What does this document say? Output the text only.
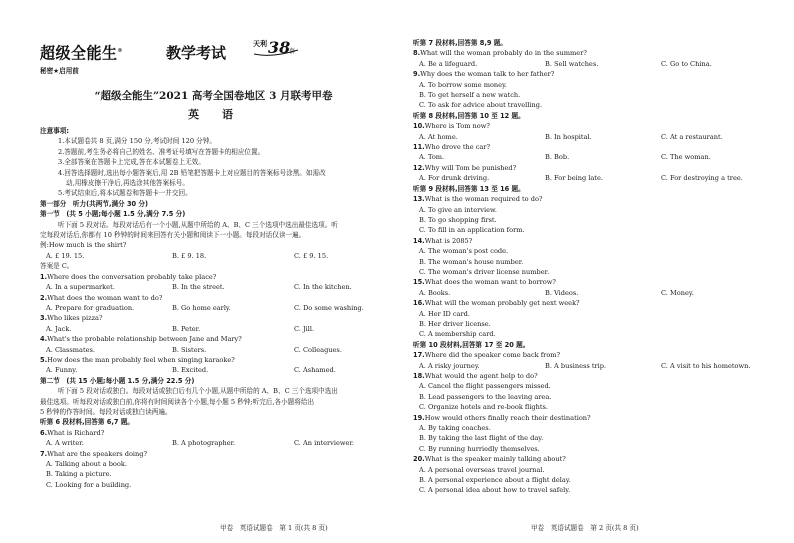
超级全能生®	教学考试	天利 38
套
秘密★启用前
“超级全能生”2021 高考全国卷地区 3 月联考甲卷
英　语
注意事项:
1.本试题卷共 8 页,满分 150 分,考试时间 120 分钟。
2.答题前,考生务必将自己的姓名、准考证号填写在答题卡的相应位置。
3.全部答案在答题卡上完成,答在本试题卷上无效。
4.回答选择题时,选出每小题答案后,用 2B 铅笔把答题卡上对应题目的答案标号涂黑。如需改
动,用橡皮擦干净后,再选涂其他答案标号。
5.考试结束后,将本试题卷和答题卡一并交回。
第一部分　听力(共两节,满分 30 分)
第一节　(共 5 小题;每小题 1.5 分,满分 7.5 分)
听下面 5 段对话。每段对话后有一个小题,从题中所给的 A、B、C 三个选项中选出最佳选项。听
完每段对话后,你都有 10 秒钟的时间来回答有关小题和阅读下一小题。每段对话仅读一遍。
例:How much is the shirt?
A. £ 19. 15.	B. £ 9. 18.	C. £ 9. 15.
答案是 C。
1.Where does the conversation probably take place?
A. In a supermarket.	B. In the street.	C. In the kitchen.
2.What does the woman want to do?
A. Prepare for graduation.	B. Go home early.	C. Do some washing.
3.Who likes pizza?
A. Jack.	B. Peter.	C. Jill.
4.What's the probable relationship between Jane and Mary?
A. Classmates.	B. Sisters.	C. Colleagues.
5.How does the man probably feel when singing karaoke?
A. Funny.	B. Excited.	C. Ashamed.
第二节　(共 15 小题;每小题 1.5 分,满分 22.5 分)
听下面 5 段对话或独白。每段对话或独白后有几个小题,从题中所给的 A、B、C 三个选项中选出
最佳选项。听每段对话或独白前,你将有时间阅读各个小题,每小题 5 秒钟;听完后,各小题将给出
5 秒钟的作答时间。每段对话或独白读两遍。
听第 6 段材料,回答第 6,7 题。
6.What is Richard?
A. A writer.	B. A photographer.	C. An interviewer.
7.What are the speakers doing?
A. Talking about a book.
B. Taking a picture.
C. Looking for a building.
甲卷　英语试题卷　第 1 页(共 8 页)
听第 7 段材料,回答第 8,9 题。
8.What will the woman probably do in the summer?
A. Be a lifeguard.	B. Sell watches.	C. Go to China.
9.Why does the woman talk to her father?
A. To borrow some money.
B. To get herself a new watch.
C. To ask for advice about travelling.
听第 8 段材料,回答第 10 至 12 题。
10.Where is Tom now?
A. At home.	B. In hospital.	C. At a restaurant.
11.Who drove the car?
A. Tom.	B. Bob.	C. The woman.
12.Why will Tom be punished?
A. For drunk driving.	B. For being late.	C. For destroying a tree.
听第 9 段材料,回答第 13 至 16 题。
13.What is the woman required to do?
A. To give an interview.
B. To go shopping first.
C. To fill in an application form.
14.What is 2085?
A. The woman's post code.
B. The woman's house number.
C. The woman's driver license number.
15.What does the woman want to borrow?
A. Books.	B. Videos.	C. Money.
16.What will the woman probably get next week?
A. Her ID card.
B. Her driver license.
C. A membership card.
听第 10 段材料,回答第 17 至 20 题。
17.Where did the speaker come back from?
A. A risky journey.	B. A business trip.	C. A visit to his hometown.
18.What would the agent help to do?
A. Cancel the flight passengers missed.
B. Lead passengers to the leaving area.
C. Organize hotels and re-book flights.
19.How would others finally reach their destination?
A. By taking coaches.
B. By taking the last flight of the day.
C. By running hurriedly themselves.
20.What is the speaker mainly talking about?
A. A personal overseas travel journal.
B. A personal experience about a flight delay.
C. A personal idea about how to travel safely.
甲卷　英语试题卷　第 2 页(共 8 页)
